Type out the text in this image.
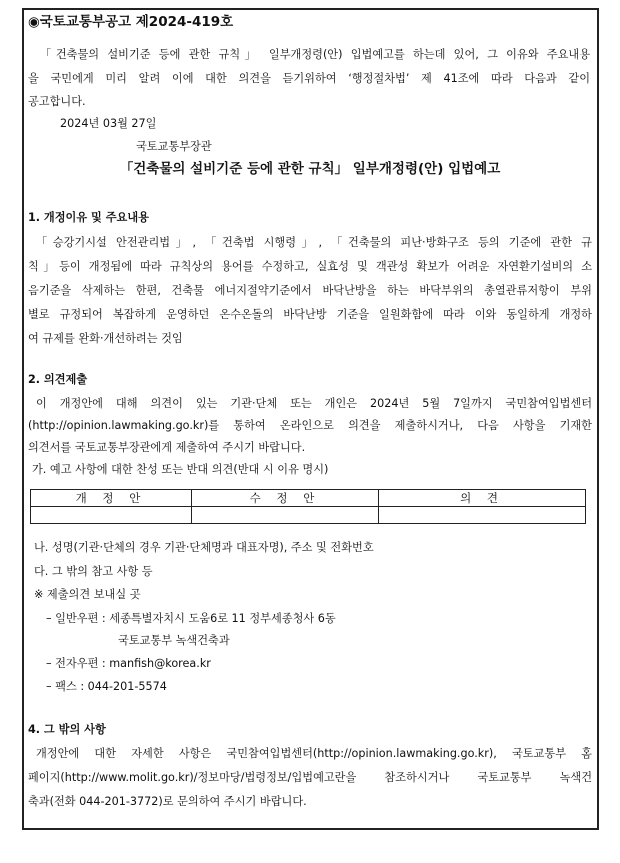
◉국토교통부공고 제2024-419호
「건축물의 설비기준 등에 관한 규칙」 일부개정령(안) 입법예고를 하는데 있어, 그 이유와 주요내용
을 국민에게 미리 알려 이에 대한 의견을 듣기위하여 ‘행정절차법’ 제 41조에 따라 다음과 같이
공고합니다.
2024년 03월 27일
국토교통부장관
「건축물의 설비기준 등에 관한 규칙」 일부개정령(안) 입법예고
1. 개정이유 및 주요내용
「승강기시설 안전관리법」, 「건축법 시행령」, 「건축물의 피난·방화구조 등의 기준에 관한 규
칙」등이 개정됨에 따라 규칙상의 용어를 수정하고, 실효성 및 객관성 확보가 어려운 자연환기설비의 소
음기준을 삭제하는 한편, 건축물 에너지절약기준에서 바닥난방을 하는 바닥부위의 총열관류저항이 부위
별로 규정되어 복잡하게 운영하던 온수온돌의 바닥난방 기준을 일원화함에 따라 이와 동일하게 개정하
여 규제를 완화·개선하려는 것임
2. 의견제출
이 개정안에 대해 의견이 있는 기관·단체 또는 개인은 2024년 5월 7일까지 국민참여입법센터
(http://opinion.lawmaking.go.kr)를 통하여 온라인으로 의견을 제출하시거나, 다음 사항을 기재한
의견서를 국토교통부장관에게 제출하여 주시기 바랍니다.
가. 예고 사항에 대한 찬성 또는 반대 의견(반대 시 이유 명시)
개 정 안	수 정 안	의 견

나. 성명(기관·단체의 경우 기관·단체명과 대표자명), 주소 및 전화번호
다. 그 밖의 참고 사항 등
※ 제출의견 보내실 곳
– 일반우편 : 세종특별자치시 도움6로 11 정부세종청사 6동
국토교통부 녹색건축과
– 전자우편 : manfish@korea.kr
– 팩스 : 044-201-5574
4. 그 밖의 사항
개정안에 대한 자세한 사항은 국민참여입법센터(http://opinion.lawmaking.go.kr), 국토교통부 홈
페이지(http://www.molit.go.kr)/정보마당/법령정보/입법예고란을 참조하시거나 국토교통부 녹색건
축과(전화 044-201-3772)로 문의하여 주시기 바랍니다.
